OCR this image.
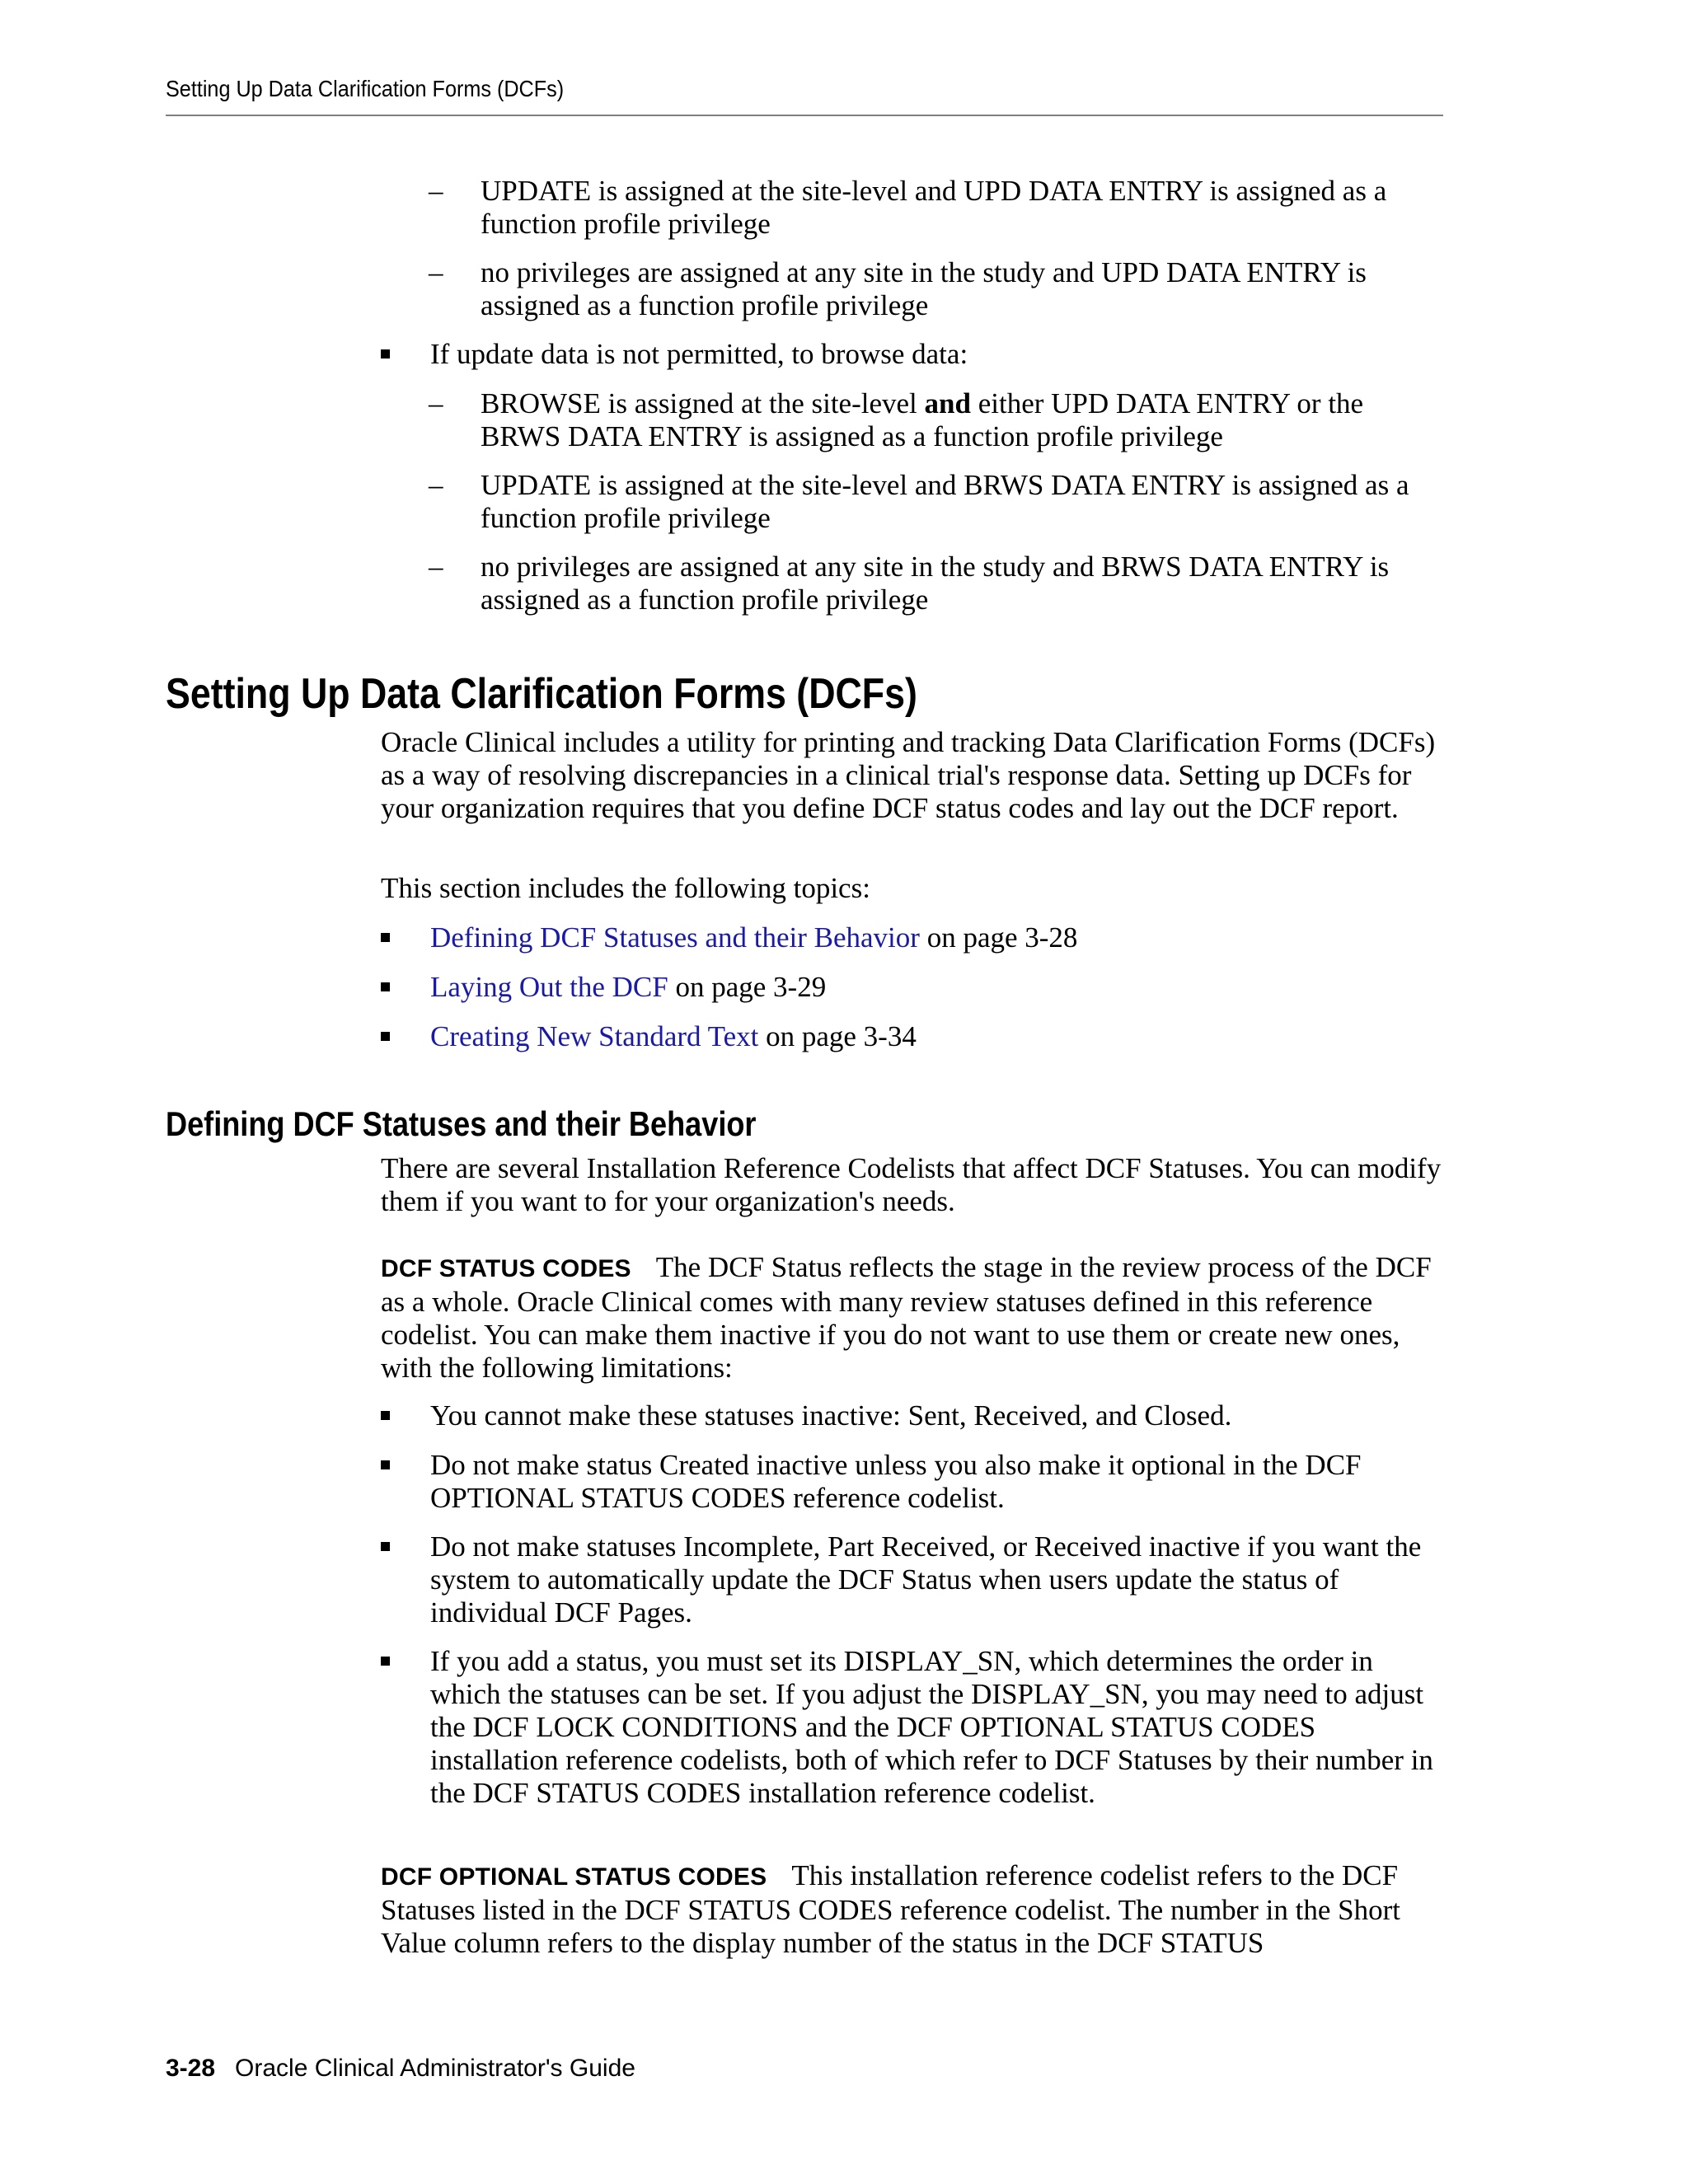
Setting Up Data Clarification Forms (DCFs)
– UPDATE is assigned at the site-level and UPD DATA ENTRY is assigned as a function profile privilege
– no privileges are assigned at any site in the study and UPD DATA ENTRY is assigned as a function profile privilege
If update data is not permitted, to browse data:
– BROWSE is assigned at the site-level and either UPD DATA ENTRY or the BRWS DATA ENTRY is assigned as a function profile privilege
– UPDATE is assigned at the site-level and BRWS DATA ENTRY is assigned as a function profile privilege
– no privileges are assigned at any site in the study and BRWS DATA ENTRY is assigned as a function profile privilege
Setting Up Data Clarification Forms (DCFs)

Oracle Clinical includes a utility for printing and tracking Data Clarification Forms (DCFs) as a way of resolving discrepancies in a clinical trial's response data. Setting up DCFs for your organization requires that you define DCF status codes and lay out the DCF report.

This section includes the following topics:

Defining DCF Statuses and their Behavior on page 3-28
Laying Out the DCF on page 3-29
Creating New Standard Text on page 3-34
Defining DCF Statuses and their Behavior

There are several Installation Reference Codelists that affect DCF Statuses. You can modify them if you want to for your organization's needs.

DCF STATUS CODES The DCF Status reflects the stage in the review process of the DCF as a whole. Oracle Clinical comes with many review statuses defined in this reference codelist. You can make them inactive if you do not want to use them or create new ones, with the following limitations:

You cannot make these statuses inactive: Sent, Received, and Closed.
Do not make status Created inactive unless you also make it optional in the DCF OPTIONAL STATUS CODES reference codelist.
Do not make statuses Incomplete, Part Received, or Received inactive if you want the system to automatically update the DCF Status when users update the status of individual DCF Pages.
If you add a status, you must set its DISPLAY_SN, which determines the order in which the statuses can be set. If you adjust the DISPLAY_SN, you may need to adjust the DCF LOCK CONDITIONS and the DCF OPTIONAL STATUS CODES installation reference codelists, both of which refer to DCF Statuses by their number in the DCF STATUS CODES installation reference codelist.

DCF OPTIONAL STATUS CODES This installation reference codelist refers to the DCF Statuses listed in the DCF STATUS CODES reference codelist. The number in the Short Value column refers to the display number of the status in the DCF STATUS

3-28 Oracle Clinical Administrator's Guide
